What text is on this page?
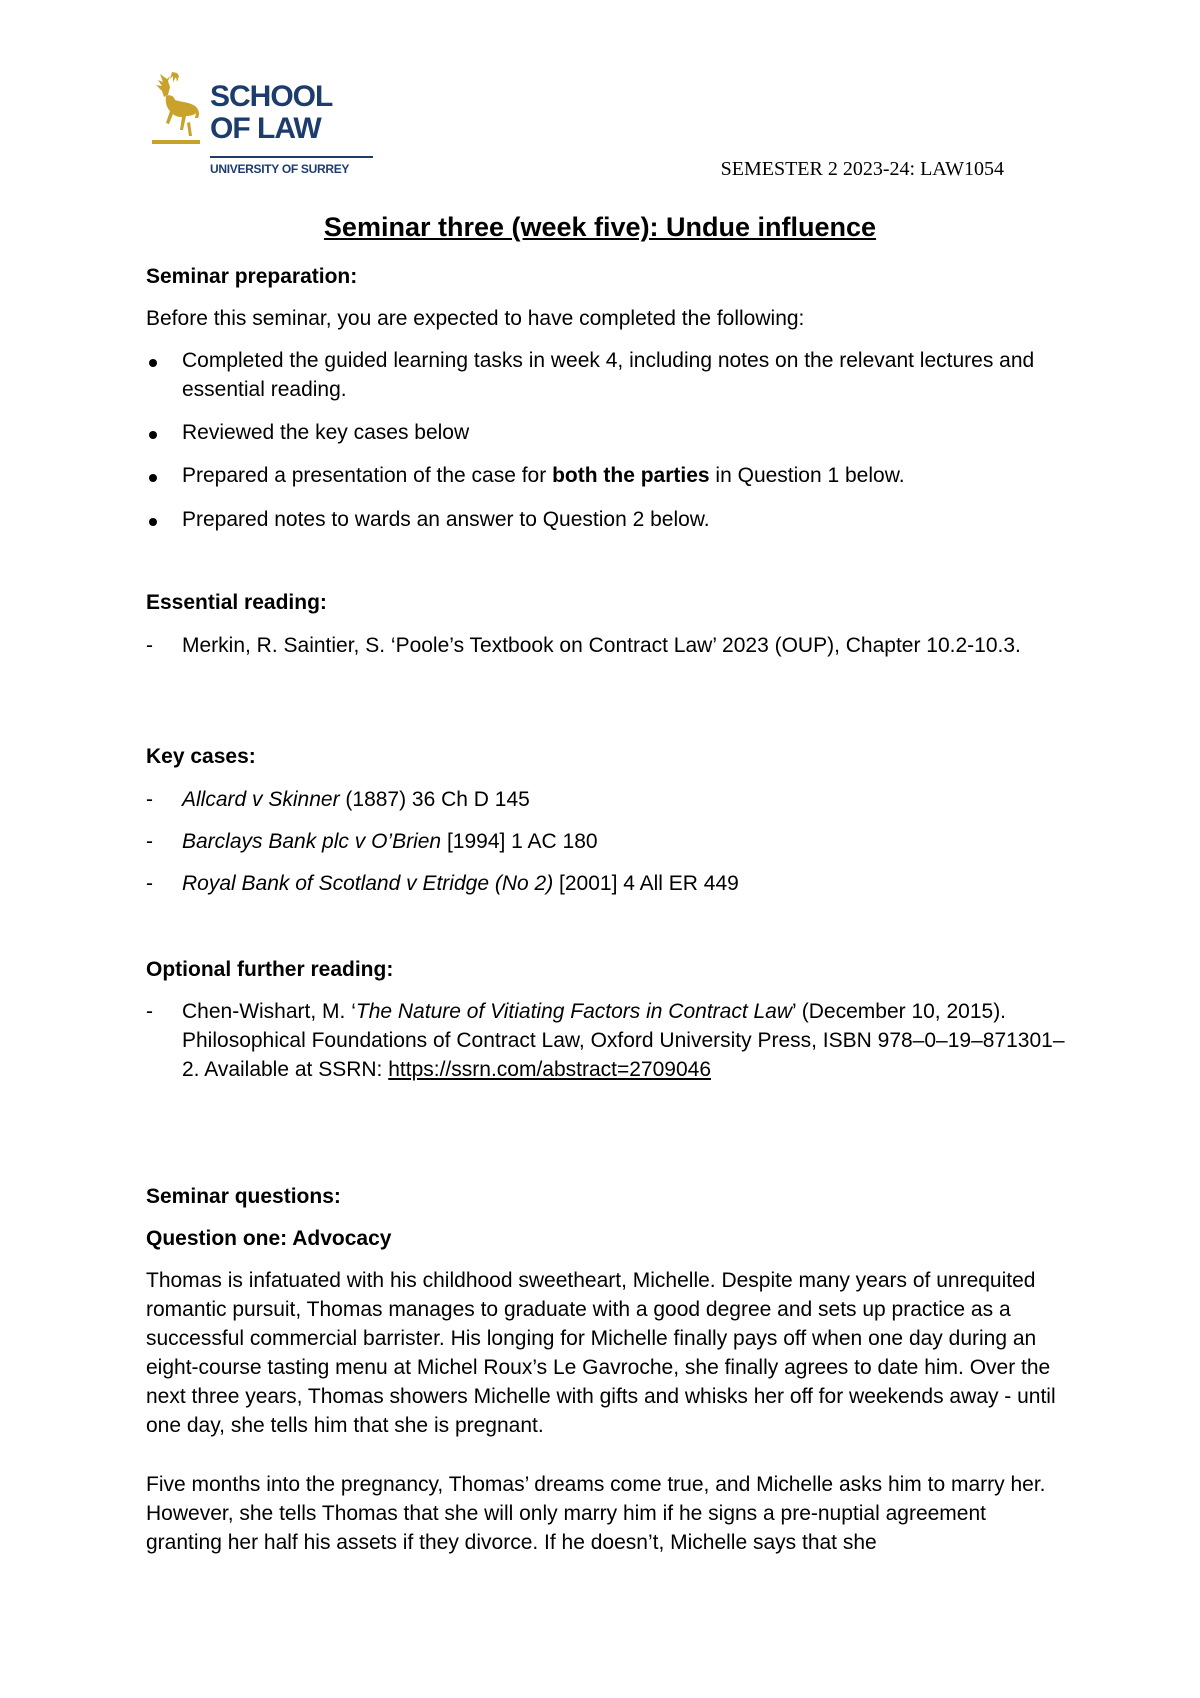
SCHOOL
OF LAW
UNIVERSITY OF SURREY	SEMESTER 2 2023-24: LAW1054
Seminar three (week five): Undue influence
Seminar preparation:
Before this seminar, you are expected to have completed the following:
Completed the guided learning tasks in week 4, including notes on the relevant lectures and essential reading.
Reviewed the key cases below
Prepared a presentation of the case for both the parties in Question 1 below.
Prepared notes to wards an answer to Question 2 below.
Essential reading:
-	Merkin, R. Saintier, S. ‘Poole’s Textbook on Contract Law’ 2023 (OUP), Chapter 10.2-10.3.
Key cases:
-	Allcard v Skinner (1887) 36 Ch D 145
-	Barclays Bank plc v O’Brien [1994] 1 AC 180
-	Royal Bank of Scotland v Etridge (No 2) [2001] 4 All ER 449
Optional further reading:
-	Chen-Wishart, M. ‘The Nature of Vitiating Factors in Contract Law’ (December 10, 2015). Philosophical Foundations of Contract Law, Oxford University Press, ISBN 978–0–19–871301–2. Available at SSRN: https://ssrn.com/abstract=2709046
Seminar questions:
Question one: Advocacy

Thomas is infatuated with his childhood sweetheart, Michelle. Despite many years of unrequited romantic pursuit, Thomas manages to graduate with a good degree and sets up practice as a successful commercial barrister. His longing for Michelle finally pays off when one day during an eight-course tasting menu at Michel Roux’s Le Gavroche, she finally agrees to date him. Over the next three years, Thomas showers Michelle with gifts and whisks her off for weekends away - until one day, she tells him that she is pregnant.

Five months into the pregnancy, Thomas’ dreams come true, and Michelle asks him to marry her. However, she tells Thomas that she will only marry him if he signs a pre-nuptial agreement granting her half his assets if they divorce. If he doesn’t, Michelle says that she
